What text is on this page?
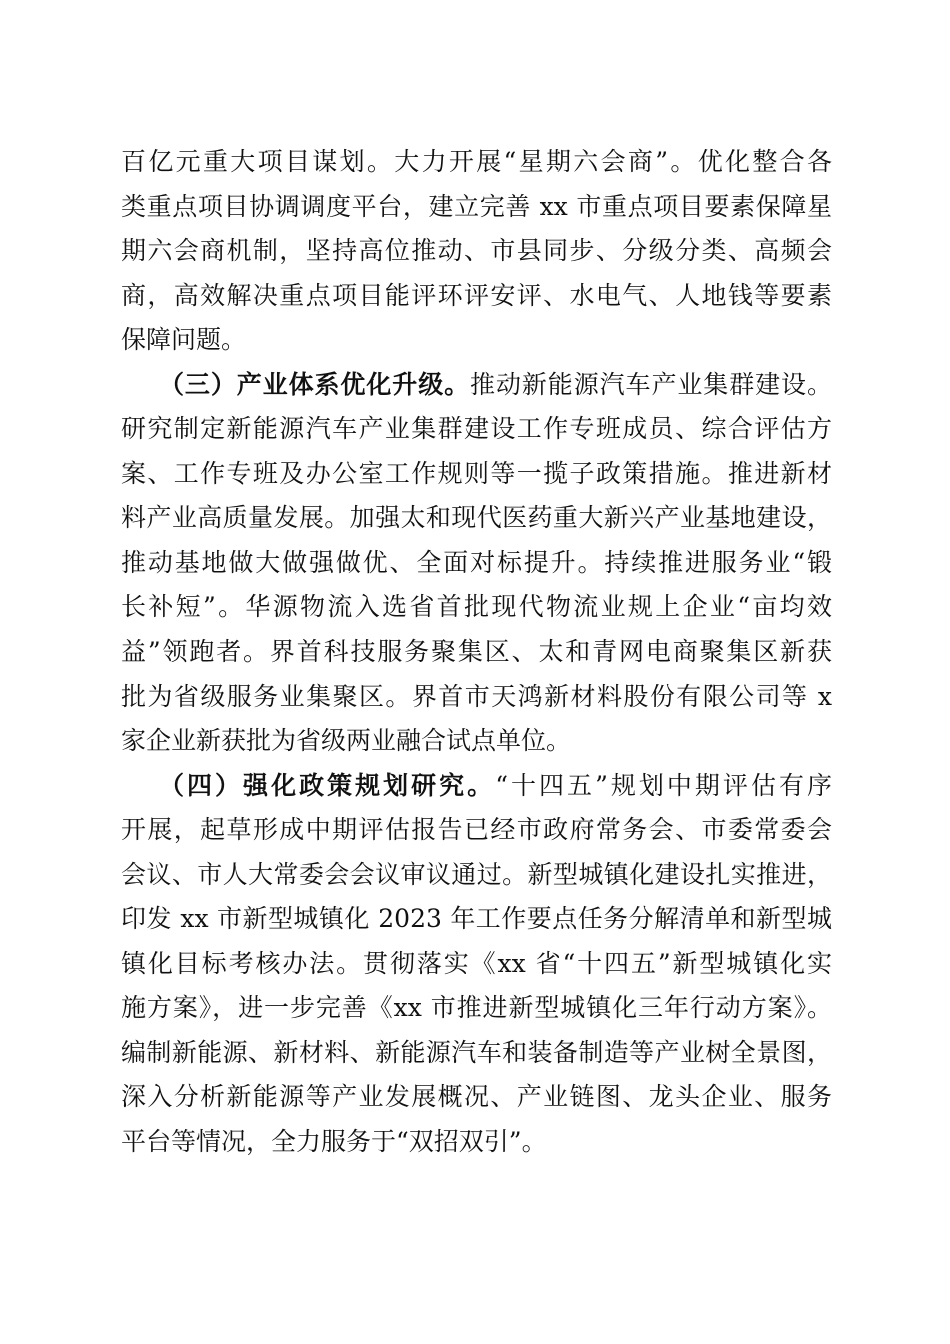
百亿元重大项目谋划。大力开展“星期六会商”。优化整合各
类重点项目协调调度平台，建立完善 xx 市重点项目要素保障星
期六会商机制，坚持高位推动、市县同步、分级分类、高频会
商，高效解决重点项目能评环评安评、水电气、人地钱等要素
保障问题。
（三）产业体系优化升级。推动新能源汽车产业集群建设。
研究制定新能源汽车产业集群建设工作专班成员、综合评估方
案、工作专班及办公室工作规则等一揽子政策措施。推进新材
料产业高质量发展。加强太和现代医药重大新兴产业基地建设，
推动基地做大做强做优、全面对标提升。持续推进服务业“锻
长补短”。华源物流入选省首批现代物流业规上企业“亩均效
益”领跑者。界首科技服务聚集区、太和青网电商聚集区新获
批为省级服务业集聚区。界首市天鸿新材料股份有限公司等 x
家企业新获批为省级两业融合试点单位。
（四）强化政策规划研究。“十四五”规划中期评估有序
开展，起草形成中期评估报告已经市政府常务会、市委常委会
会议、市人大常委会会议审议通过。新型城镇化建设扎实推进，
印发 xx 市新型城镇化 2023 年工作要点任务分解清单和新型城
镇化目标考核办法。贯彻落实《xx 省“十四五”新型城镇化实
施方案》，进一步完善《xx 市推进新型城镇化三年行动方案》。
编制新能源、新材料、新能源汽车和装备制造等产业树全景图，
深入分析新能源等产业发展概况、产业链图、龙头企业、服务
平台等情况，全力服务于“双招双引”。
